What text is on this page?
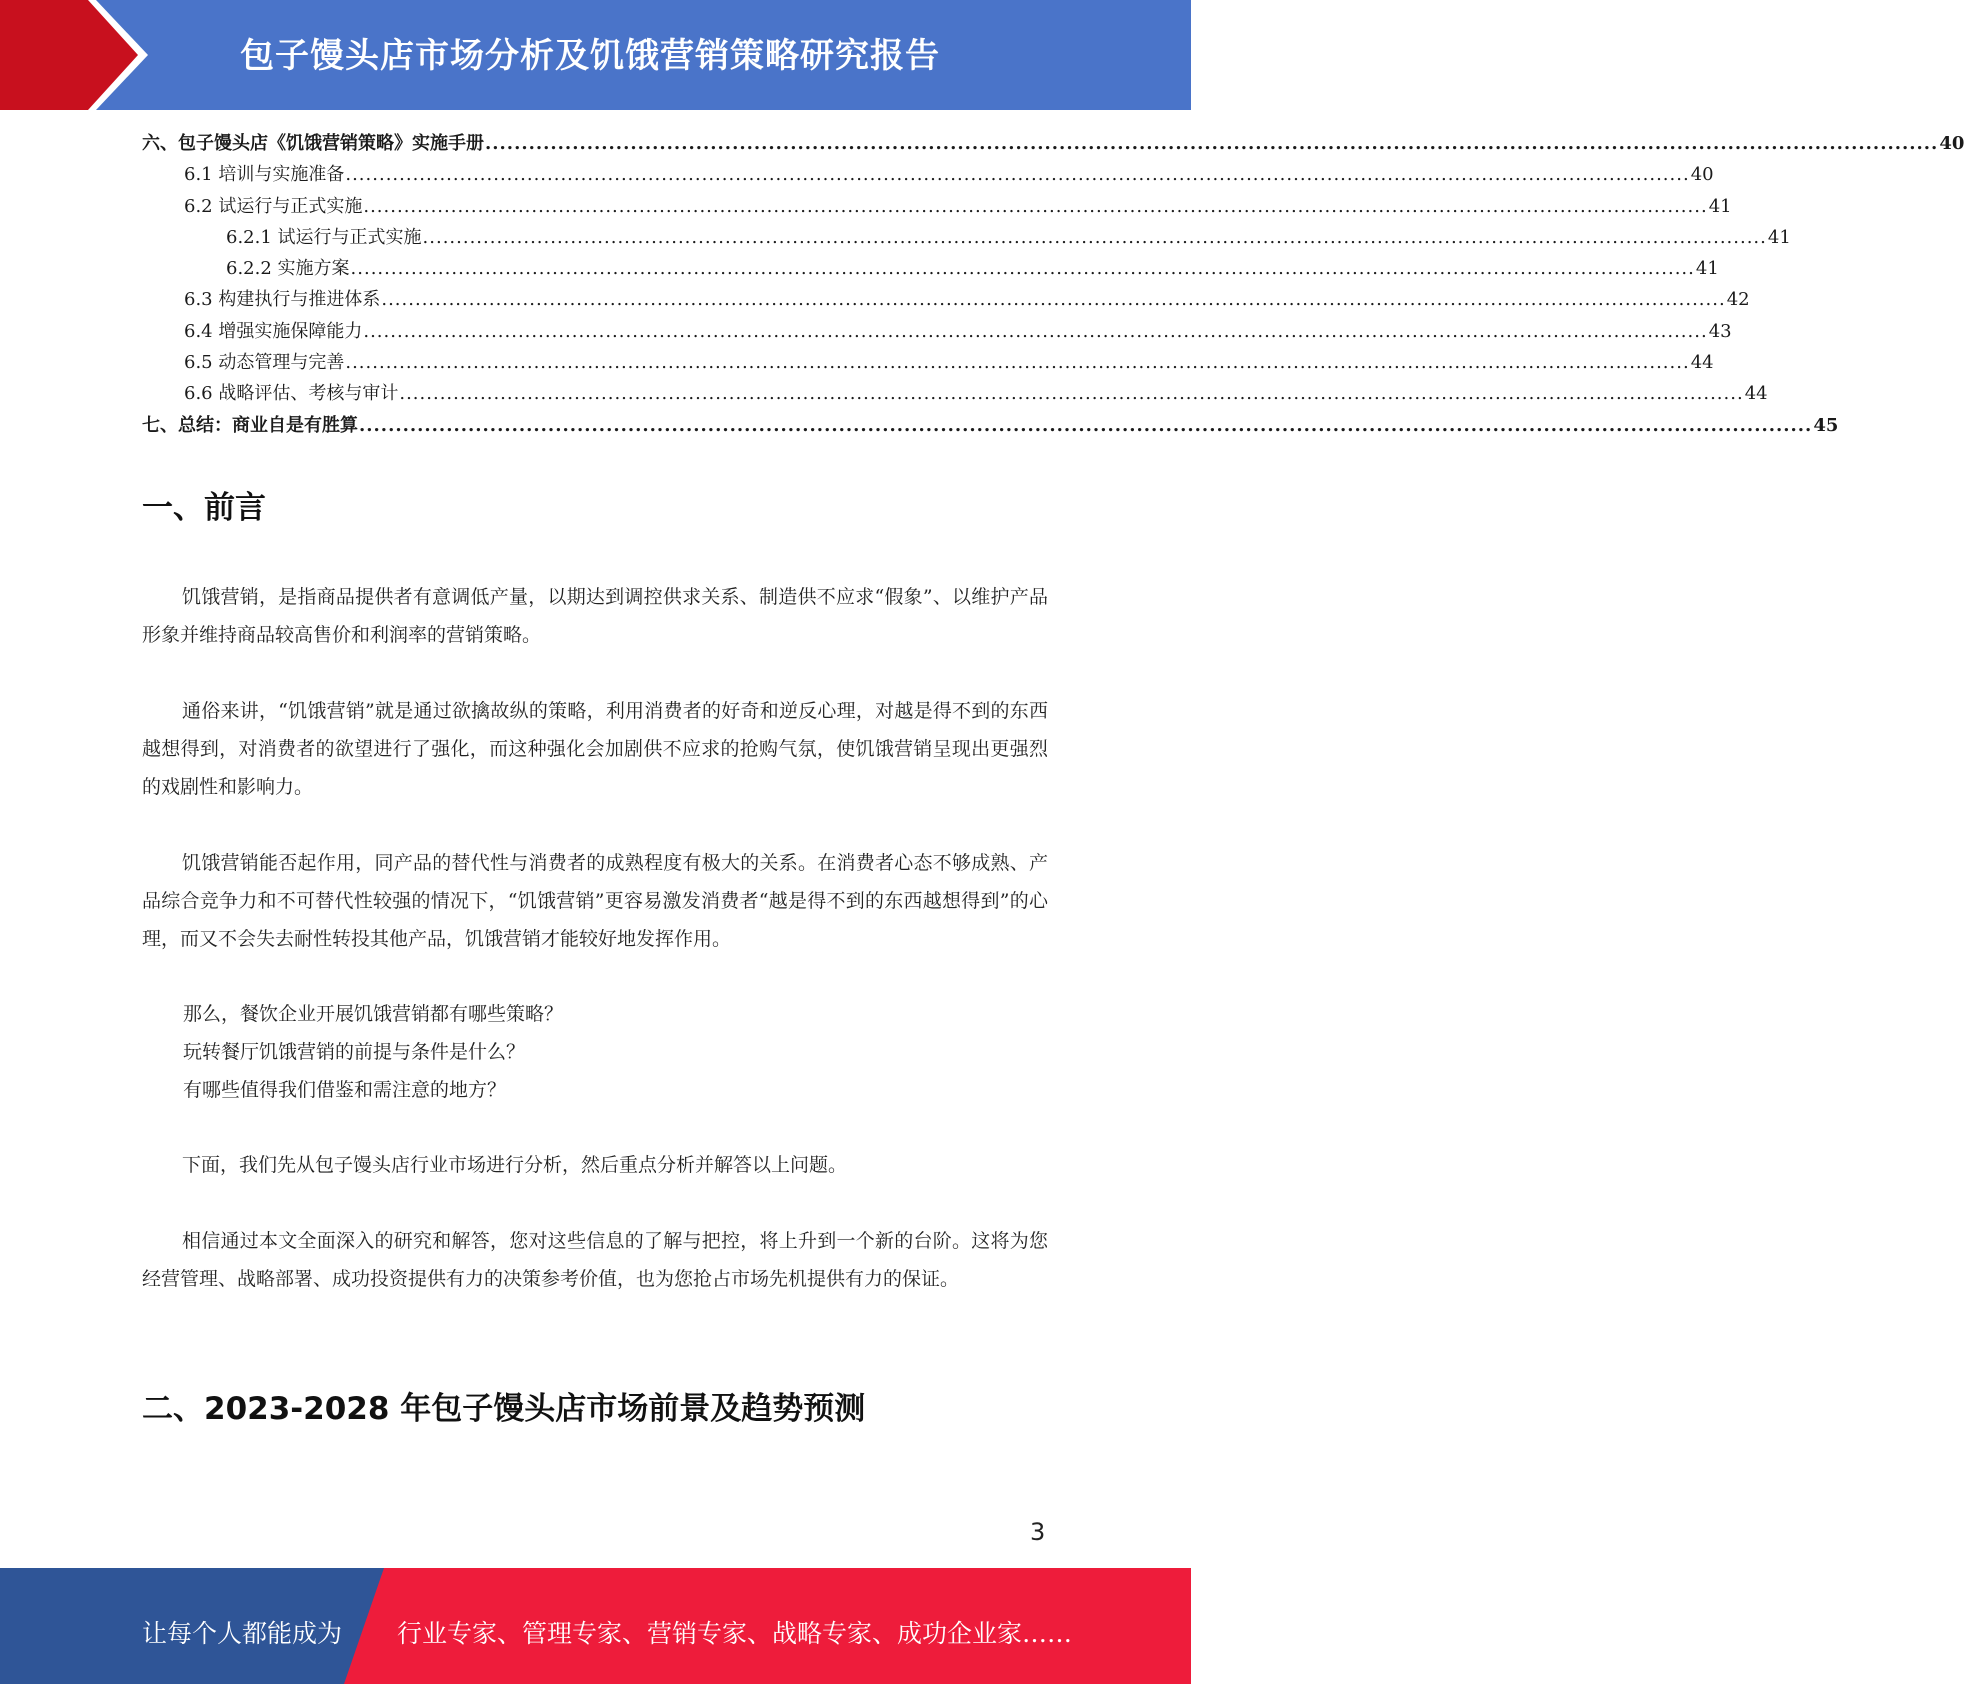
包子馒头店市场分析及饥饿营销策略研究报告
六、包子馒头店《饥饿营销策略》实施手册 ........................................................................................................................................................................................................ 40
6.1 培训与实施准备 ........................................................................................................................................................................................................ 40
6.2 试运行与正式实施 ........................................................................................................................................................................................................ 41
6.2.1 试运行与正式实施 ........................................................................................................................................................................................................ 41
6.2.2 实施方案 ........................................................................................................................................................................................................ 41
6.3 构建执行与推进体系 ........................................................................................................................................................................................................ 42
6.4 增强实施保障能力 ........................................................................................................................................................................................................ 43
6.5 动态管理与完善 ........................................................................................................................................................................................................ 44
6.6 战略评估、考核与审计 ........................................................................................................................................................................................................ 44
七、总结：商业自是有胜算 ........................................................................................................................................................................................................ 45
一、前言
饥饿营销，是指商品提供者有意调低产量，以期达到调控供求关系、制造供不应求“假象”、以维护产品形象并维持商品较高售价和利润率的营销策略。
通俗来讲，“饥饿营销”就是通过欲擒故纵的策略，利用消费者的好奇和逆反心理，对越是得不到的东西越想得到，对消费者的欲望进行了强化，而这种强化会加剧供不应求的抢购气氛，使饥饿营销呈现出更强烈的戏剧性和影响力。
饥饿营销能否起作用，同产品的替代性与消费者的成熟程度有极大的关系。在消费者心态不够成熟、产品综合竞争力和不可替代性较强的情况下，“饥饿营销”更容易激发消费者“越是得不到的东西越想得到”的心理，而又不会失去耐性转投其他产品，饥饿营销才能较好地发挥作用。
那么，餐饮企业开展饥饿营销都有哪些策略？
玩转餐厅饥饿营销的前提与条件是什么？
有哪些值得我们借鉴和需注意的地方？
下面，我们先从包子馒头店行业市场进行分析，然后重点分析并解答以上问题。
相信通过本文全面深入的研究和解答，您对这些信息的了解与把控，将上升到一个新的台阶。这将为您经营管理、战略部署、成功投资提供有力的决策参考价值，也为您抢占市场先机提供有力的保证。
二、2023-2028 年包子馒头店市场前景及趋势预测
3
让每个人都能成为 行业专家、管理专家、营销专家、战略专家、成功企业家……
